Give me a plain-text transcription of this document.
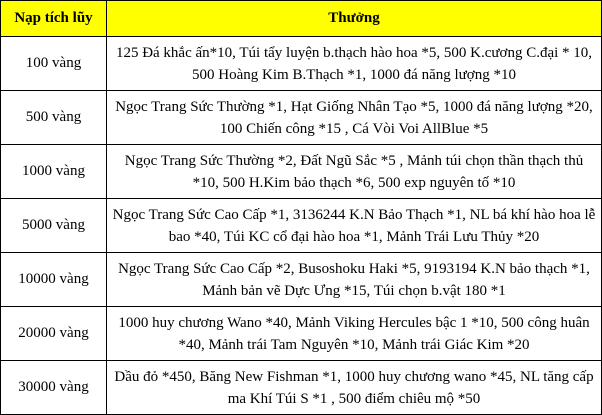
Nạp tích lũy	Thưởng
100 vàng	125 Đá khắc ấn*10, Túi tẩy luyện b.thạch hào hoa *5, 500 K.cương C.đại * 10, 500 Hoàng Kim B.Thạch *1, 1000 đá năng lượng *10
500 vàng	Ngọc Trang Sức Thường *1, Hạt Giống Nhân Tạo *5, 1000 đá năng lượng *20, 100 Chiến công *15 , Cá Vòi Voi AllBlue *5
1000 vàng	Ngọc Trang Sức Thường *2, Đất Ngũ Sắc *5 , Mảnh túi chọn thần thạch thủ *10, 500 H.Kim bảo thạch *6, 500 exp nguyên tố *10
5000 vàng	Ngọc Trang Sức Cao Cấp *1, 3136244 K.N Bảo Thạch *1, NL bá khí hào hoa lễ bao *40, Túi KC cổ đại hào hoa *1, Mảnh Trái Lưu Thủy *20
10000 vàng	Ngọc Trang Sức Cao Cấp *2, Busoshoku Haki *5, 9193194 K.N bảo thạch *1, Mảnh bản vẽ Dực Ưng *15, Túi chọn b.vật 180 *1
20000 vàng	1000 huy chương Wano *40, Mảnh Viking Hercules bậc 1 *10, 500 công huân *40, Mảnh trái Tam Nguyên *10, Mảnh trái Giác Kim *20
30000 vàng	Dầu đỏ *450, Băng New Fishman *1, 1000 huy chương wano *45, NL tăng cấp ma Khí Túi S *1 , 500 điểm chiêu mộ *50
